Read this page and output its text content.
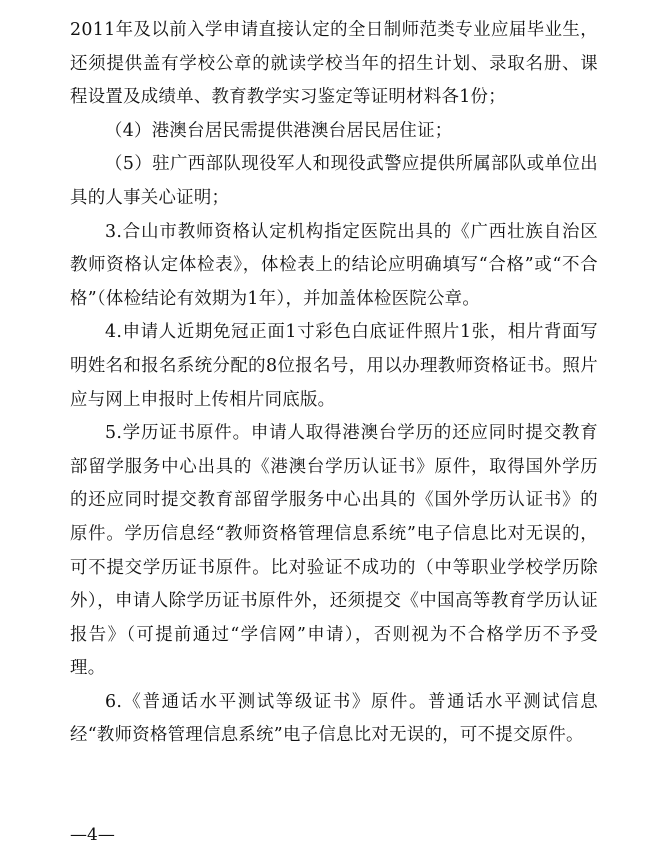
2011年及以前入学申请直接认定的全日制师范类专业应届毕业生，还须提供盖有学校公章的就读学校当年的招生计划、录取名册、课程设置及成绩单、教育教学实习鉴定等证明材料各1份；

（4）港澳台居民需提供港澳台居民居住证；

（5）驻广西部队现役军人和现役武警应提供所属部队或单位出具的人事关心证明；

3.合山市教师资格认定机构指定医院出具的《广西壮族自治区教师资格认定体检表》，体检表上的结论应明确填写“合格”或“不合格”（体检结论有效期为1年），并加盖体检医院公章。

4.申请人近期免冠正面1寸彩色白底证件照片1张，相片背面写明姓名和报名系统分配的8位报名号，用以办理教师资格证书。照片应与网上申报时上传相片同底版。

5.学历证书原件。申请人取得港澳台学历的还应同时提交教育部留学服务中心出具的《港澳台学历认证书》原件，取得国外学历的还应同时提交教育部留学服务中心出具的《国外学历认证书》的原件。学历信息经“教师资格管理信息系统”电子信息比对无误的，可不提交学历证书原件。比对验证不成功的（中等职业学校学历除外），申请人除学历证书原件外，还须提交《中国高等教育学历认证报告》（可提前通过“学信网”申请），否则视为不合格学历不予受理。

6.《普通话水平测试等级证书》原件。普通话水平测试信息经“教师资格管理信息系统”电子信息比对无误的，可不提交原件。

—4—
